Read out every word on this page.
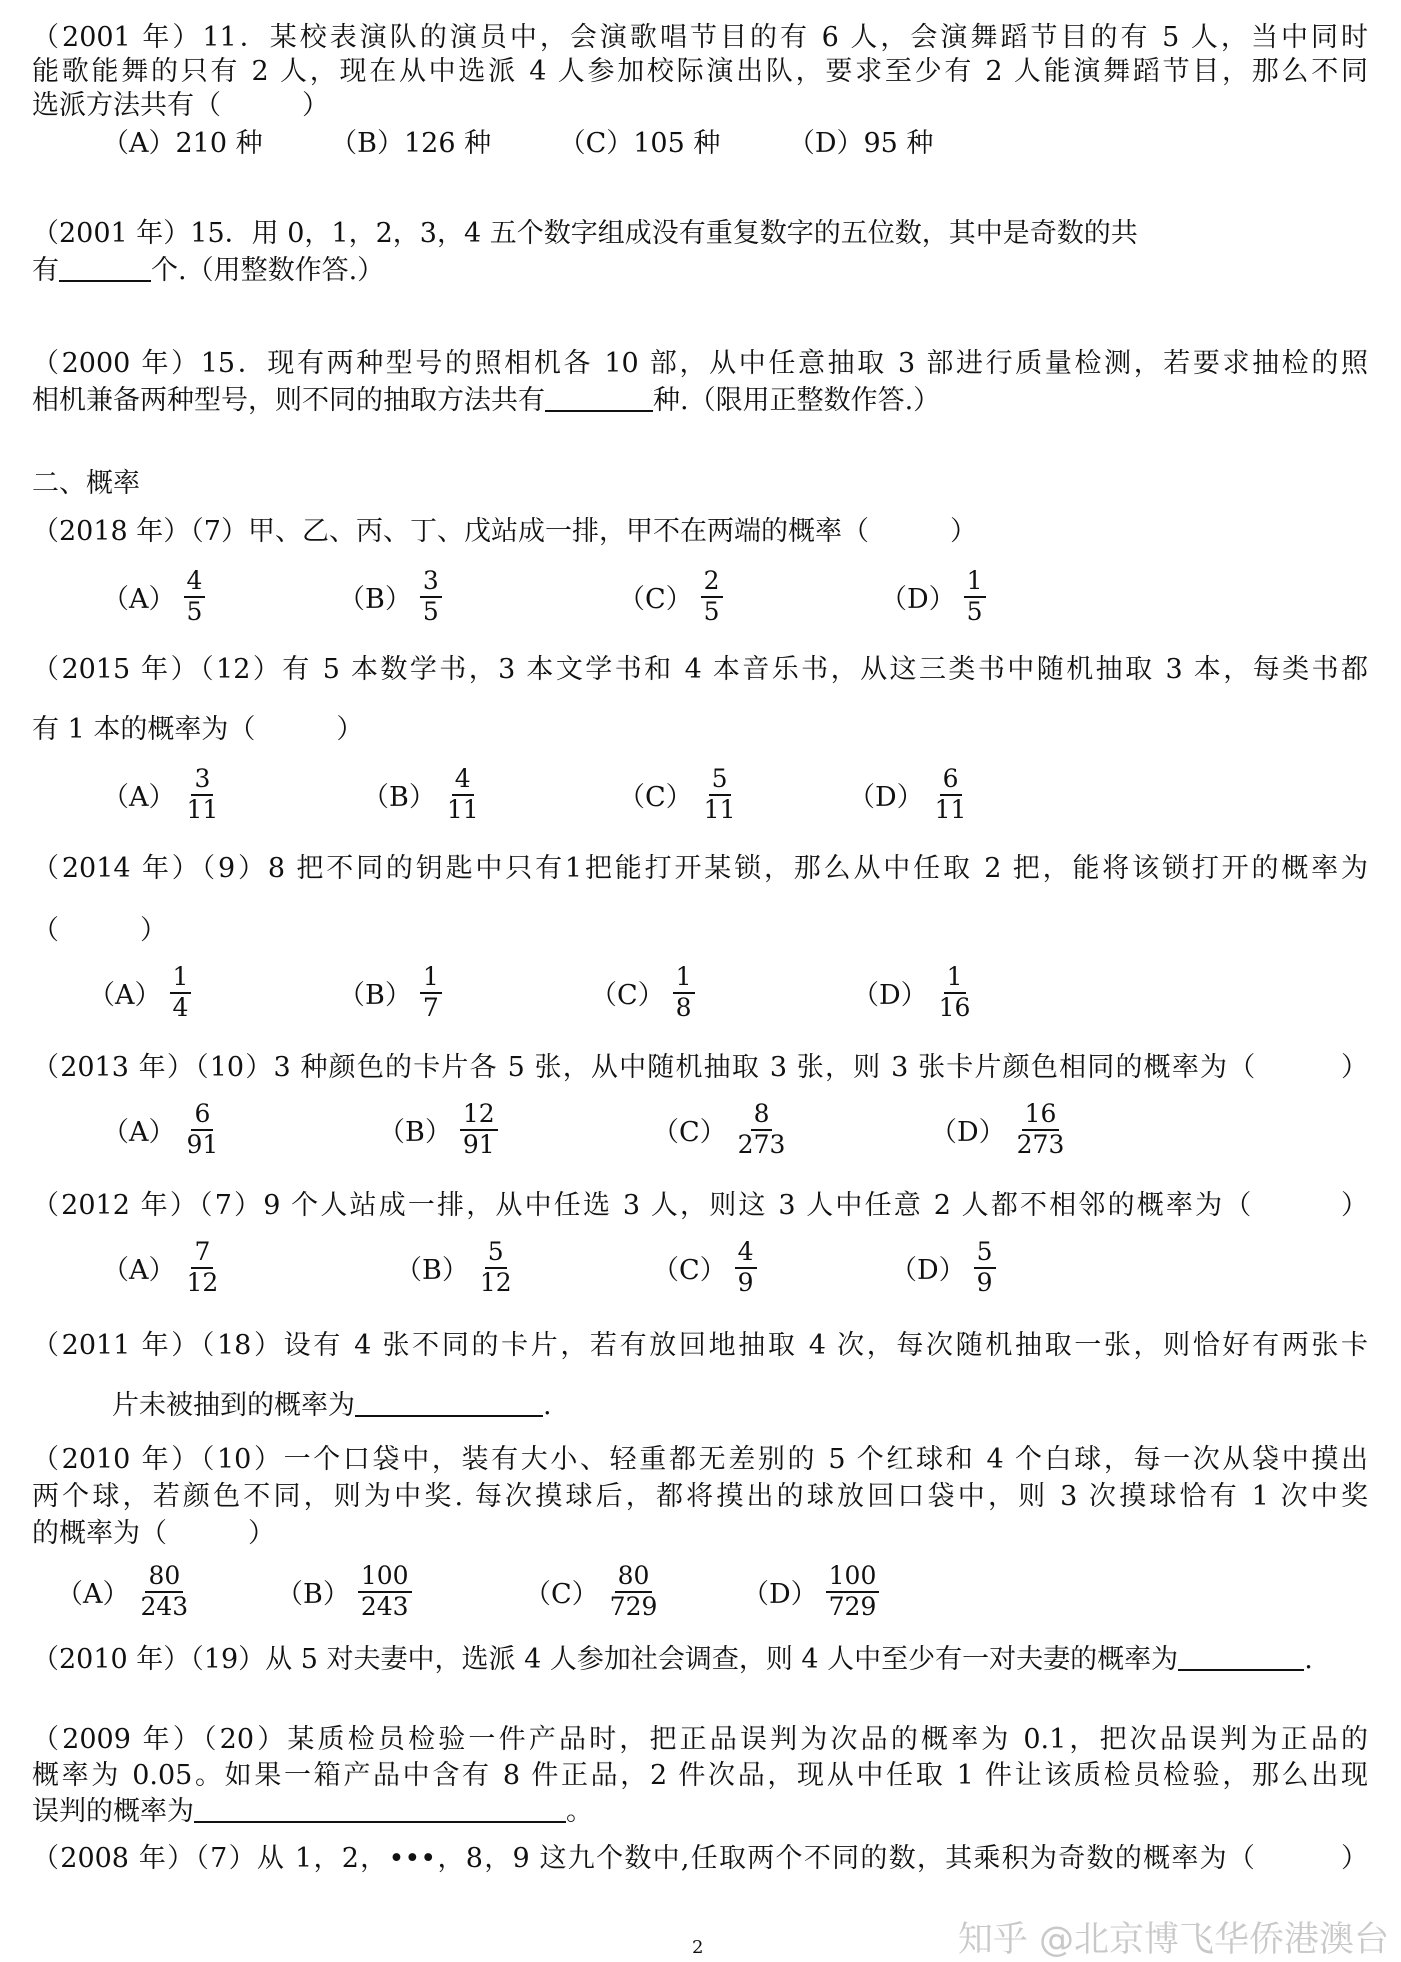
（2001 年）11．某校表演队的演员中，会演歌唱节目的有 6 人，会演舞蹈节目的有 5 人，当中同时
能歌能舞的只有 2 人，现在从中选派 4 人参加校际演出队，要求至少有 2 人能演舞蹈节目，那么不同
选派方法共有（　　　）
（A）210 种　　　（B）126 种　　　（C）105 种　　　（D）95 种
（2001 年）15．用 0，1，2，3，4 五个数字组成没有重复数字的五位数，其中是奇数的共
有	个.（用整数作答.）
（2000 年）15．现有两种型号的照相机各 10 部，从中任意抽取 3 部进行质量检测，若要求抽检的照
相机兼备两种型号，则不同的抽取方法共有	种.（限用正整数作答.）
二、概率
（2018 年）（7）甲、乙、丙、丁、戊站成一排，甲不在两端的概率（　　　）
$(A) \frac{4}{5}$	$(B) \frac{3}{5}$	$(C) \frac{2}{5}$	$(D) \frac{1}{5}$
（2015 年）（12）有 5 本数学书，3 本文学书和 4 本音乐书，从这三类书中随机抽取 3 本，每类书都
有 1 本的概率为（　　　）
$(A) \frac{3}{11}$	$(B) \frac{4}{11}$	$(C) \frac{5}{11}$	$(D) \frac{6}{11}$
（2014 年）（9）8 把不同的钥匙中只有1把能打开某锁，那么从中任取 2 把，能将该锁打开的概率为
（　　　）
$(A) \frac{1}{4}$	$(B) \frac{1}{7}$	$(C) \frac{1}{8}$	$(D) \frac{1}{16}$
（2013 年）（10）3 种颜色的卡片各 5 张，从中随机抽取 3 张，则 3 张卡片颜色相同的概率为（　　　）
$(A) \frac{6}{91}$	$(B) \frac{12}{91}$	$(C) \frac{8}{273}$	$(D) \frac{16}{273}$
（2012 年）（7）9 个人站成一排，从中任选 3 人，则这 3 人中任意 2 人都不相邻的概率为（　　　）
$(A) \frac{7}{12}$	$(B) \frac{5}{12}$	$(C) \frac{4}{9}$	$(D) \frac{5}{9}$
（2011 年）（18）设有 4 张不同的卡片，若有放回地抽取 4 次，每次随机抽取一张，则恰好有两张卡
片未被抽到的概率为	.
（2010 年）（10）一个口袋中，装有大小、轻重都无差别的 5 个红球和 4 个白球，每一次从袋中摸出
两个球，若颜色不同，则为中奖. 每次摸球后，都将摸出的球放回口袋中，则 3 次摸球恰有 1 次中奖
的概率为（　　　）
$(A) \frac{80}{243}$	$(B) \frac{100}{243}$	$(C) \frac{80}{729}$	$(D) \frac{100}{729}$
（2010 年）（19）从 5 对夫妻中，选派 4 人参加社会调查，则 4 人中至少有一对夫妻的概率为	.
（2009 年）（20）某质检员检验一件产品时，把正品误判为次品的概率为 0.1，把次品误判为正品的
概率为 0.05。如果一箱产品中含有 8 件正品，2 件次品，现从中任取 1 件让该质检员检验，那么出现
误判的概率为	。
（2008 年）（7）从 1，2，•••，8，9 这九个数中,任取两个不同的数，其乘积为奇数的概率为（　　　）
知乎 @北京博飞华侨港澳台
2
